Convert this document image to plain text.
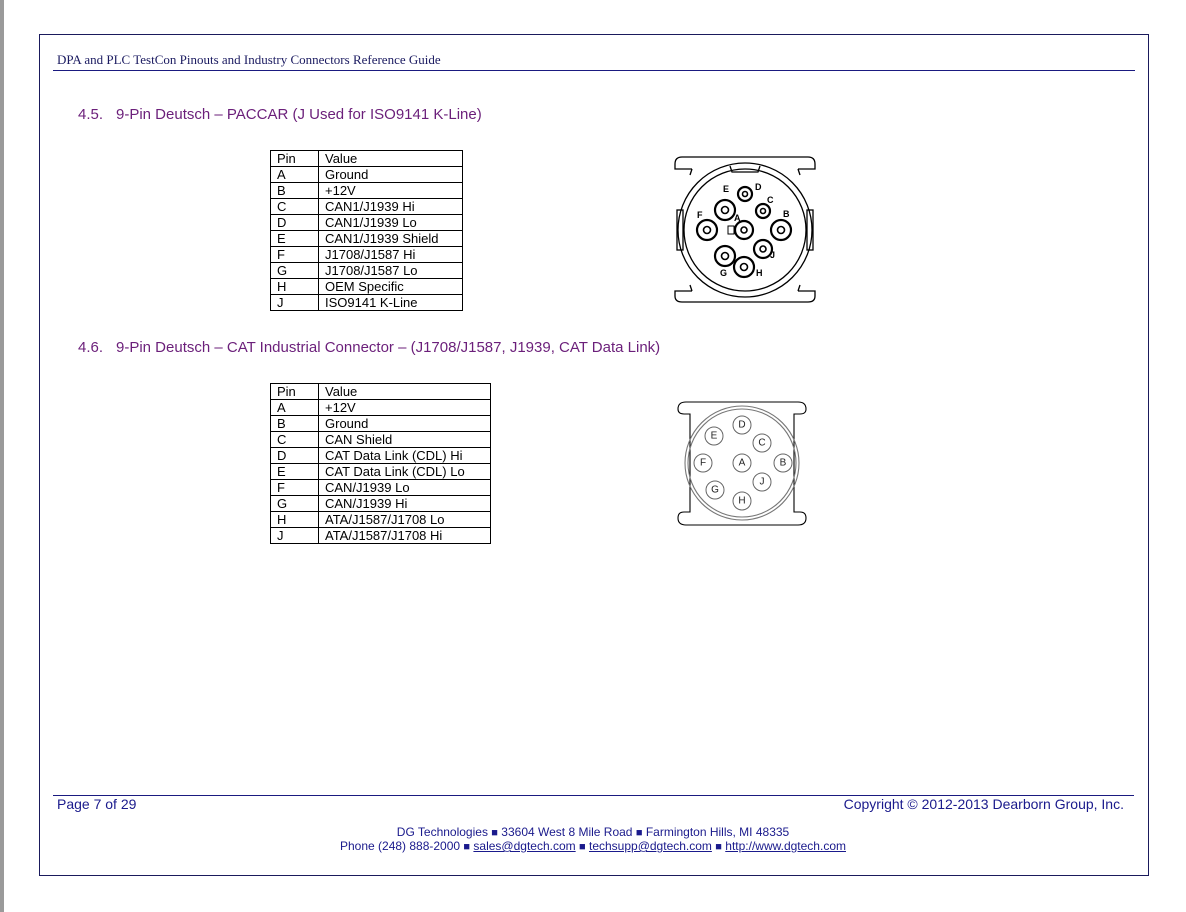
DPA and PLC TestCon Pinouts and Industry Connectors Reference Guide
4.5. 9-Pin Deutsch – PACCAR (J Used for ISO9141 K-Line)
Pin	Value
A	Ground
B	+12V
C	CAN1/J1939 Hi
D	CAN1/J1939 Lo
E	CAN1/J1939 Shield
F	J1708/J1587 Hi
G	J1708/J1587 Lo
H	OEM Specific
J	ISO9141 K-Line
A	B
C
D
E
F
G	H
J
4.6. 9-Pin Deutsch – CAT Industrial Connector – (J1708/J1587, J1939, CAT Data Link)
Pin	Value
A	+12V
B	Ground
C	CAN Shield
D	CAT Data Link (CDL) Hi
E	CAT Data Link (CDL) Lo
F	CAN/J1939 Lo
G	CAN/J1939 Hi
H	ATA/J1587/J1708 Lo
J	ATA/J1587/J1708 Hi
A	B
C
D
E
F
G
H
J
Page 7 of 29	Copyright © 2012-2013 Dearborn Group, Inc.
DG Technologies ■ 33604 West 8 Mile Road ■ Farmington Hills, MI 48335
Phone (248) 888-2000 ■ sales@dgtech.com ■ techsupp@dgtech.com ■ http://www.dgtech.com
